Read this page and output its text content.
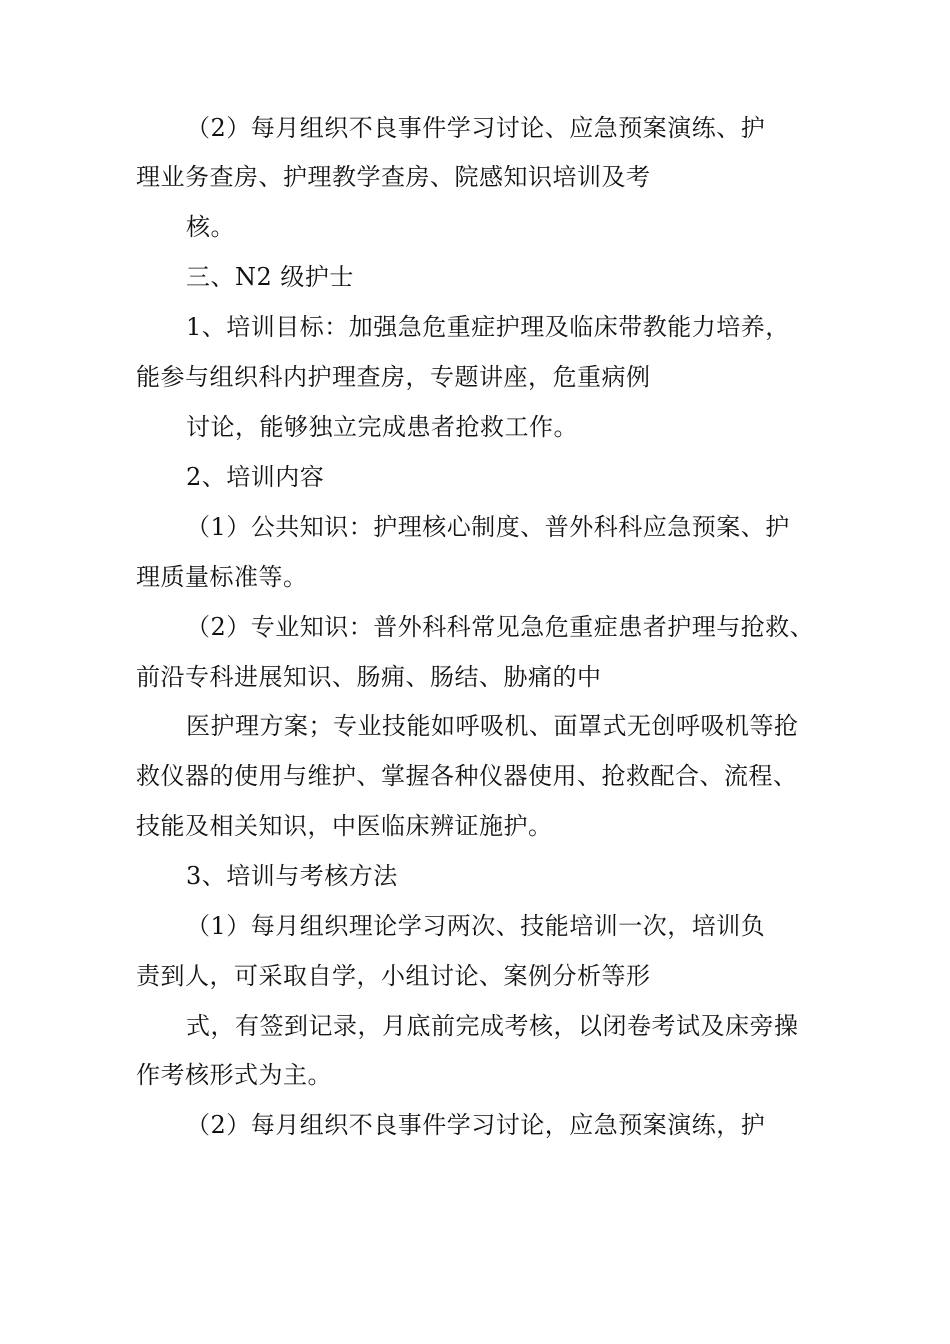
（2）每月组织不良事件学习讨论、应急预案演练、护
理业务查房、护理教学查房、院感知识培训及考
核。
三、N2 级护士
1、培训目标：加强急危重症护理及临床带教能力培养，
能参与组织科内护理查房，专题讲座，危重病例
讨论，能够独立完成患者抢救工作。
2、培训内容
（1）公共知识：护理核心制度、普外科科应急预案、护
理质量标准等。
（2）专业知识：普外科科常见急危重症患者护理与抢救、
前沿专科进展知识、肠痈、肠结、胁痛的中
医护理方案；专业技能如呼吸机、面罩式无创呼吸机等抢
救仪器的使用与维护、掌握各种仪器使用、抢救配合、流程、
技能及相关知识，中医临床辨证施护。
3、培训与考核方法
（1）每月组织理论学习两次、技能培训一次，培训负
责到人，可采取自学，小组讨论、案例分析等形
式，有签到记录，月底前完成考核，以闭卷考试及床旁操
作考核形式为主。
（2）每月组织不良事件学习讨论，应急预案演练，护
